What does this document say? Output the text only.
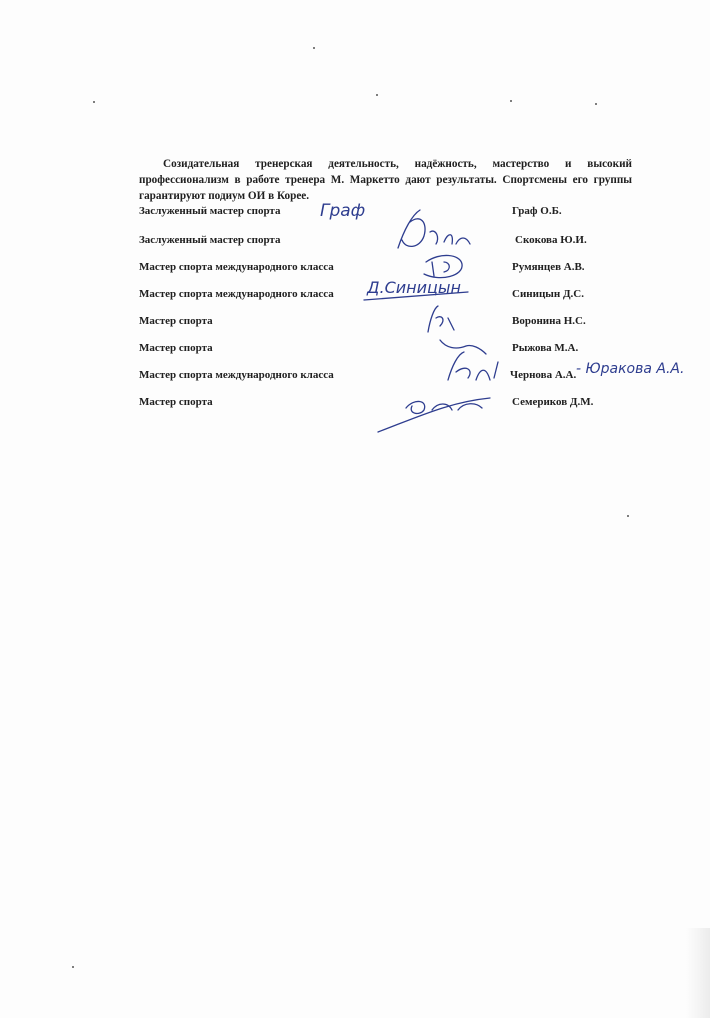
Созидательная тренерская деятельность, надёжность, мастерство и высокий профессионализм в работе тренера М. Маркетто дают результаты. Спортсмены его группы гарантируют подиум ОИ в Корее.

Заслуженный мастер спорта Граф	Граф О.Б.
Заслуженный мастер спорта	Скокова Ю.И.
Мастер спорта международного класса	Румянцев А.В.
Мастер спорта международного класса Д.Синицын	Синицын Д.С.
Мастер спорта	Воронина Н.С.
Мастер спорта	Рыжова М.А.
Мастер спорта международного класса	Чернова А.А. - Юракова А.А.
Мастер спорта	Семериков Д.М.
